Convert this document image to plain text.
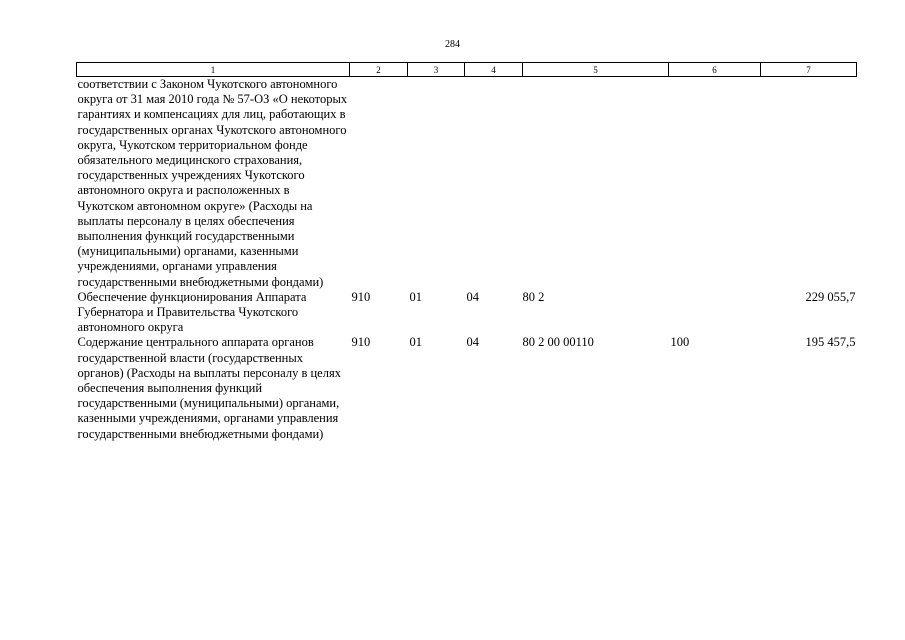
284
1	2	3	4	5	6	7
соответствии с Законом Чукотского автономного округа от 31 мая 2010 года № 57-ОЗ «О некоторых гарантиях и компенсациях для лиц, работающих в государственных органах Чукотского автономного округа, Чукотском территориальном фонде обязательного медицинского страхования, государственных учреждениях Чукотского автономного округа и расположенных в Чукотском автономном округе» (Расходы на выплаты персоналу в целях обеспечения выполнения функций государственными (муниципальными) органами, казенными учреждениями, органами управления государственными внебюджетными фондами)						
Обеспечение функционирования Аппарата Губернатора и Правительства Чукотского автономного округа	910	01	04	80 2		229 055,7
Содержание центрального аппарата органов государственной власти (государственных органов) (Расходы на выплаты персоналу в целях обеспечения выполнения функций государственными (муниципальными) органами, казенными учреждениями, органами управления государственными внебюджетными фондами)	910	01	04	80 2 00 00110	100	195 457,5
